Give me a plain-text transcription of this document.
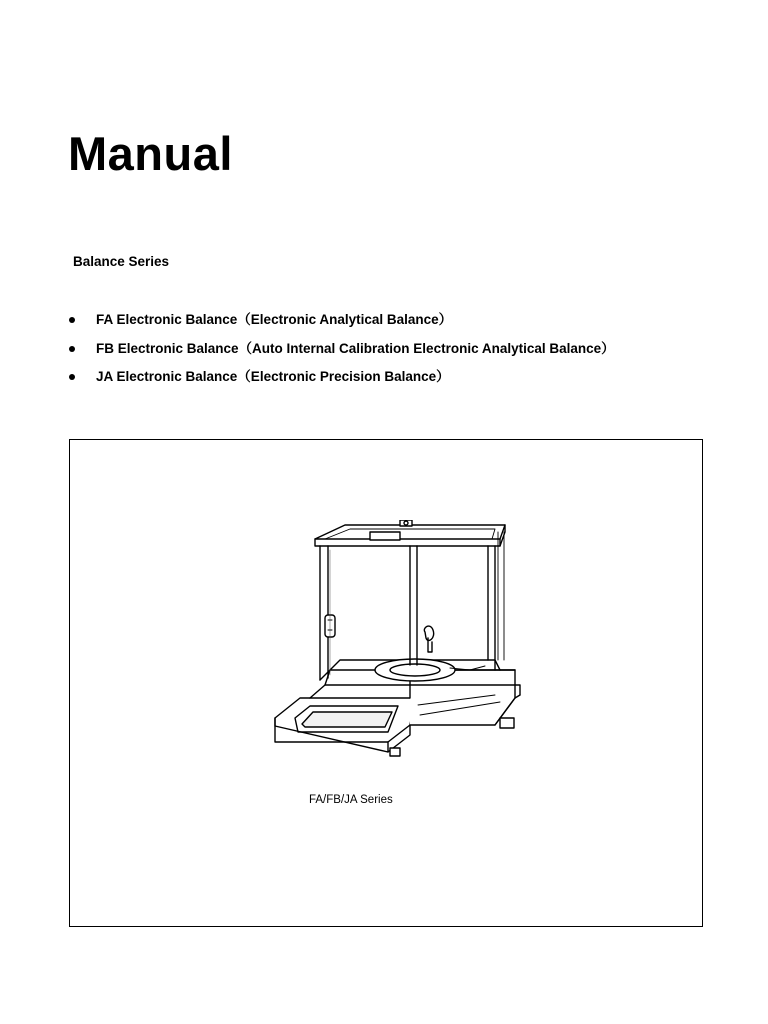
Manual
Balance Series
FA Electronic Balance（Electronic Analytical Balance）
FB Electronic Balance（Auto Internal Calibration Electronic Analytical Balance）
JA Electronic Balance（Electronic Precision Balance）
FA/FB/JA Series
